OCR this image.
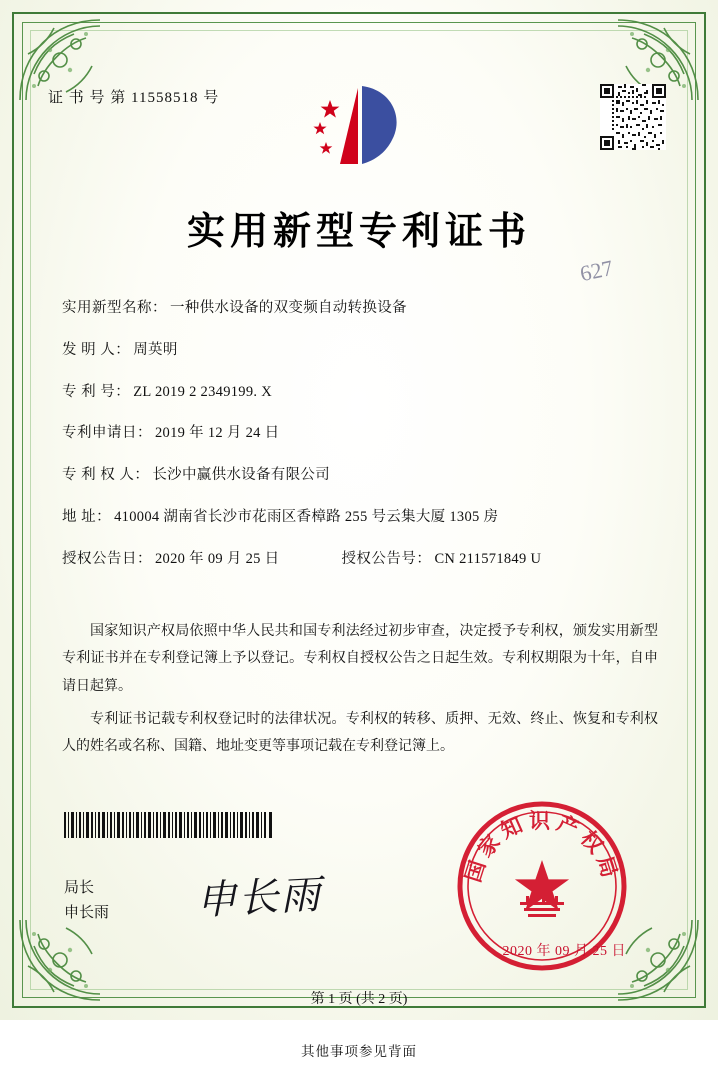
证 书 号 第 11558518 号
实用新型专利证书
627
实用新型名称： 一种供水设备的双变频自动转换设备
发 明 人： 周英明
专 利 号： ZL 2019 2 2349199. X
专利申请日： 2019 年 12 月 24 日
专 利 权 人： 长沙中赢供水设备有限公司
地 址： 410004 湖南省长沙市花雨区香樟路 255 号云集大厦 1305 房
授权公告日： 2020 年 09 月 25 日	授权公告号： CN 211571849 U

国家知识产权局依照中华人民共和国专利法经过初步审查，决定授予专利权，颁发实用新型专利证书并在专利登记簿上予以登记。专利权自授权公告之日起生效。专利权期限为十年，自申请日起算。

专利证书记载专利权登记时的法律状况。专利权的转移、质押、无效、终止、恢复和专利权人的姓名或名称、国籍、地址变更等事项记载在专利登记簿上。

局长
申长雨 申长雨
国家知识产权局
2020 年 09 月 25 日
第 1 页 (共 2 页)
其他事项参见背面
